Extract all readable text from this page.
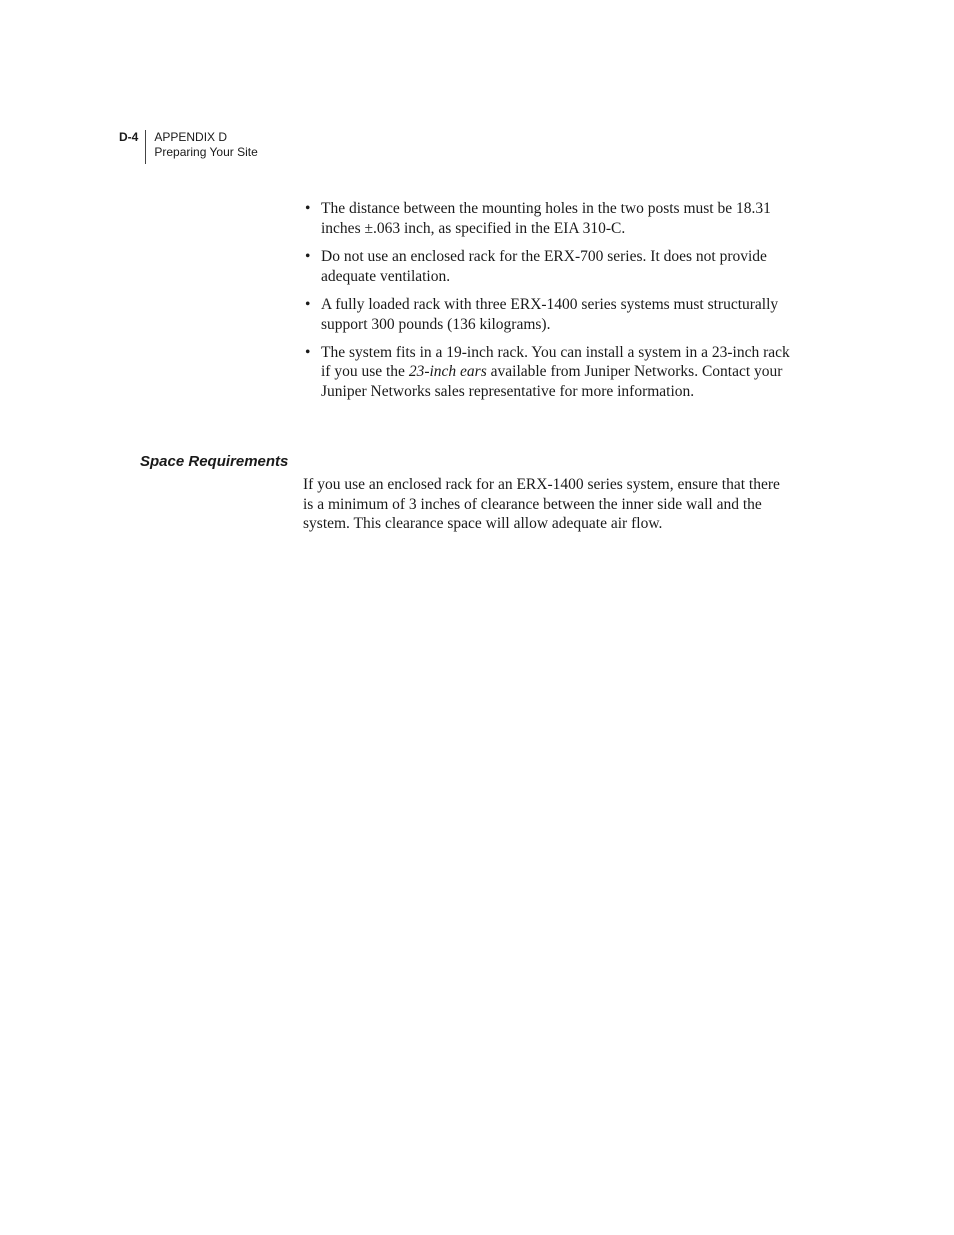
D-4	APPENDIX D
Preparing Your Site
• The distance between the mounting holes in the two posts must be 18.31 inches ±.063 inch, as specified in the EIA 310-C.
• Do not use an enclosed rack for the ERX-700 series. It does not provide adequate ventilation.
• A fully loaded rack with three ERX-1400 series systems must structurally support 300 pounds (136 kilograms).
• The system fits in a 19-inch rack. You can install a system in a 23-inch rack if you use the 23-inch ears available from Juniper Networks. Contact your Juniper Networks sales representative for more information.
Space Requirements

If you use an enclosed rack for an ERX-1400 series system, ensure that there is a minimum of 3 inches of clearance between the inner side wall and the system. This clearance space will allow adequate air flow.
